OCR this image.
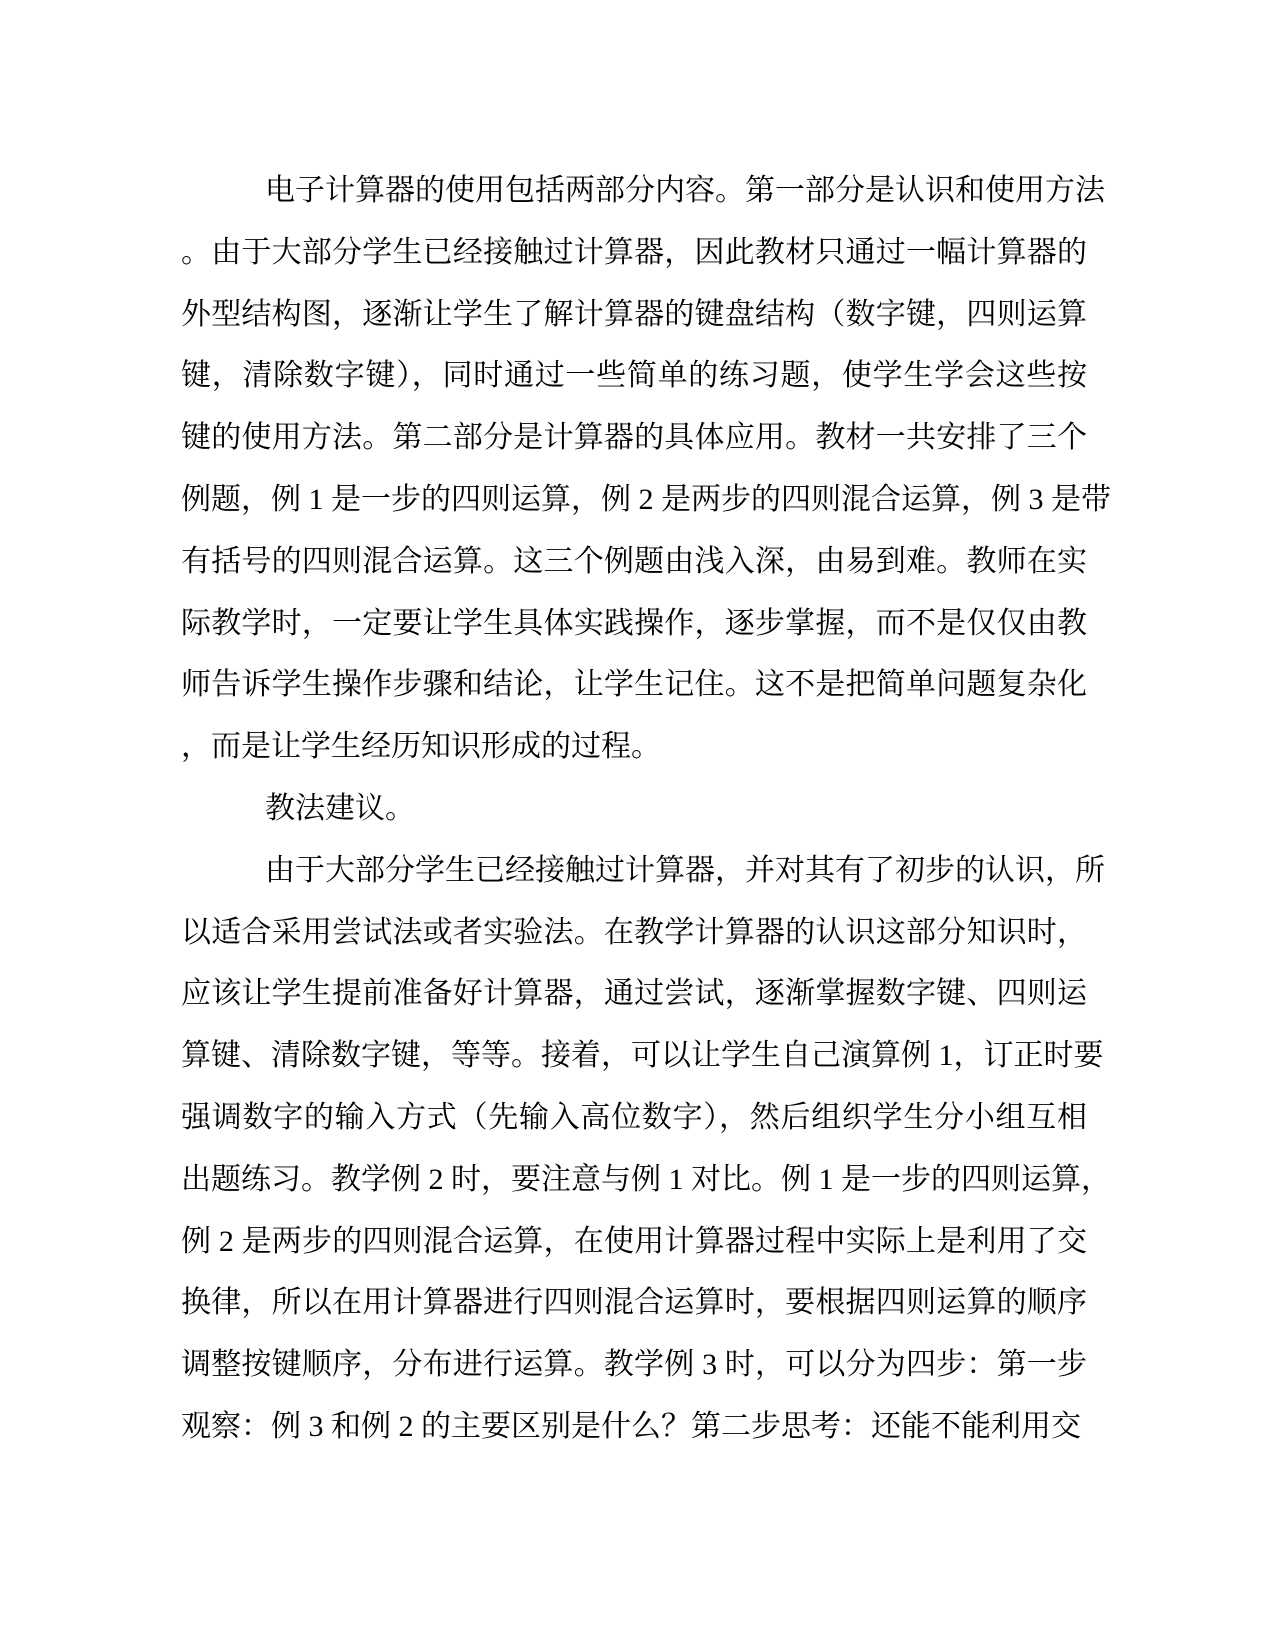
电子计算器的使用包括两部分内容。第一部分是认识和使用方法
。由于大部分学生已经接触过计算器，因此教材只通过一幅计算器的
外型结构图，逐渐让学生了解计算器的键盘结构（数字键，四则运算
键，清除数字键），同时通过一些简单的练习题，使学生学会这些按
键的使用方法。第二部分是计算器的具体应用。教材一共安排了三个
例题，例 1 是一步的四则运算，例 2 是两步的四则混合运算，例 3 是带
有括号的四则混合运算。这三个例题由浅入深，由易到难。教师在实
际教学时，一定要让学生具体实践操作，逐步掌握，而不是仅仅由教
师告诉学生操作步骤和结论，让学生记住。这不是把简单问题复杂化
，而是让学生经历知识形成的过程。
教法建议。
由于大部分学生已经接触过计算器，并对其有了初步的认识，所
以适合采用尝试法或者实验法。在教学计算器的认识这部分知识时，
应该让学生提前准备好计算器，通过尝试，逐渐掌握数字键、四则运
算键、清除数字键，等等。接着，可以让学生自己演算例 1，订正时要
强调数字的输入方式（先输入高位数字），然后组织学生分小组互相
出题练习。教学例 2 时，要注意与例 1 对比。例 1 是一步的四则运算，
例 2 是两步的四则混合运算，在使用计算器过程中实际上是利用了交
换律，所以在用计算器进行四则混合运算时，要根据四则运算的顺序
调整按键顺序，分布进行运算。教学例 3 时，可以分为四步：第一步
观察：例 3 和例 2 的主要区别是什么？第二步思考：还能不能利用交
